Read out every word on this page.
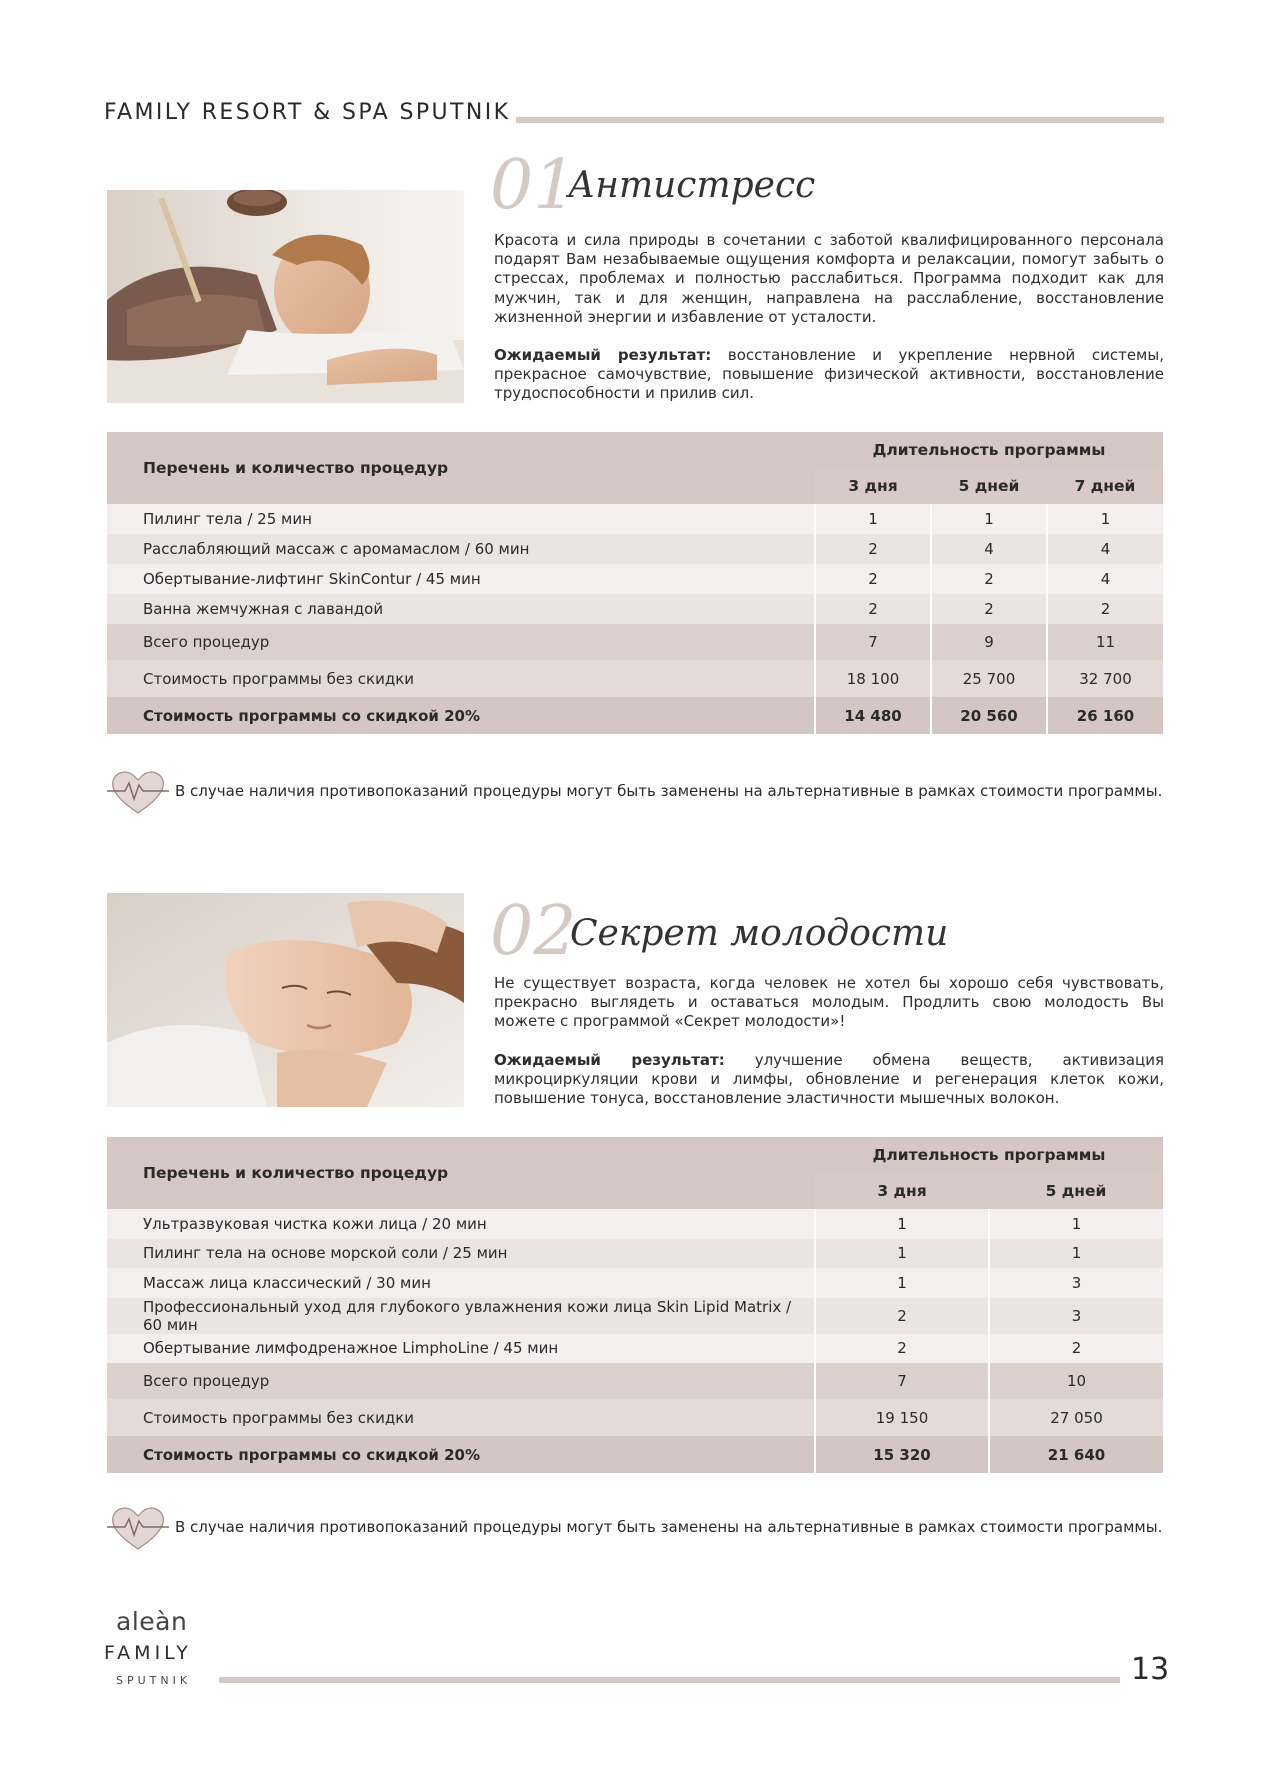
FAMILY RESORT & SPA SPUTNIK
01
Антистресс

Красота и сила природы в сочетании с заботой квалифицированного персонала подарят Вам незабываемые ощущения комфорта и релаксации, помогут забыть о стрессах, проблемах и полностью расслабиться. Программа подходит как для мужчин, так и для женщин, направлена на расслабление, восстановление жизненной энергии и избавление от усталости.

Ожидаемый результат: восстановление и укрепление нервной системы, прекрасное самочувствие, повышение физической активности, восстановление трудоспособности и прилив сил.

Перечень и количество процедур	Длительность программы		
	3 дня	5 дней	7 дней
Пилинг тела / 25 мин	1	1	1
Расслабляющий массаж с аромамаслом / 60 мин	2	4	4
Обертывание-лифтинг SkinContur / 45 мин	2	2	4
Ванна жемчужная с лавандой	2	2	2
Всего процедур	7	9	11
Стоимость программы без скидки	18 100	25 700	32 700
Стоимость программы со скидкой 20%	14 480	20 560	26 160
В случае наличия противопоказаний процедуры могут быть заменены на альтернативные в рамках стоимости программы.
02
Секрет молодости

Не существует возраста, когда человек не хотел бы хорошо себя чувствовать, прекрасно выглядеть и оставаться молодым. Продлить свою молодость Вы можете с программой «Секрет молодости»!

Ожидаемый результат: улучшение обмена веществ, активизация микроциркуляции крови и лимфы, обновление и регенерация клеток кожи, повышение тонуса, восстановление эластичности мышечных волокон.

Перечень и количество процедур	Длительность программы	
	3 дня	5 дней
Ультразвуковая чистка кожи лица / 20 мин	1	1
Пилинг тела на основе морской соли / 25 мин	1	1
Массаж лица классический / 30 мин	1	3
Профессиональный уход для глубокого увлажнения кожи лица Skin Lipid Matrix / 60 мин	2	3
Обертывание лимфодренажное LimphoLine / 45 мин	2	2
Всего процедур	7	10
Стоимость программы без скидки	19 150	27 050
Стоимость программы со скидкой 20%	15 320	21 640
В случае наличия противопоказаний процедуры могут быть заменены на альтернативные в рамках стоимости программы.
aleàn
FAMILY
SPUTNIK	13
